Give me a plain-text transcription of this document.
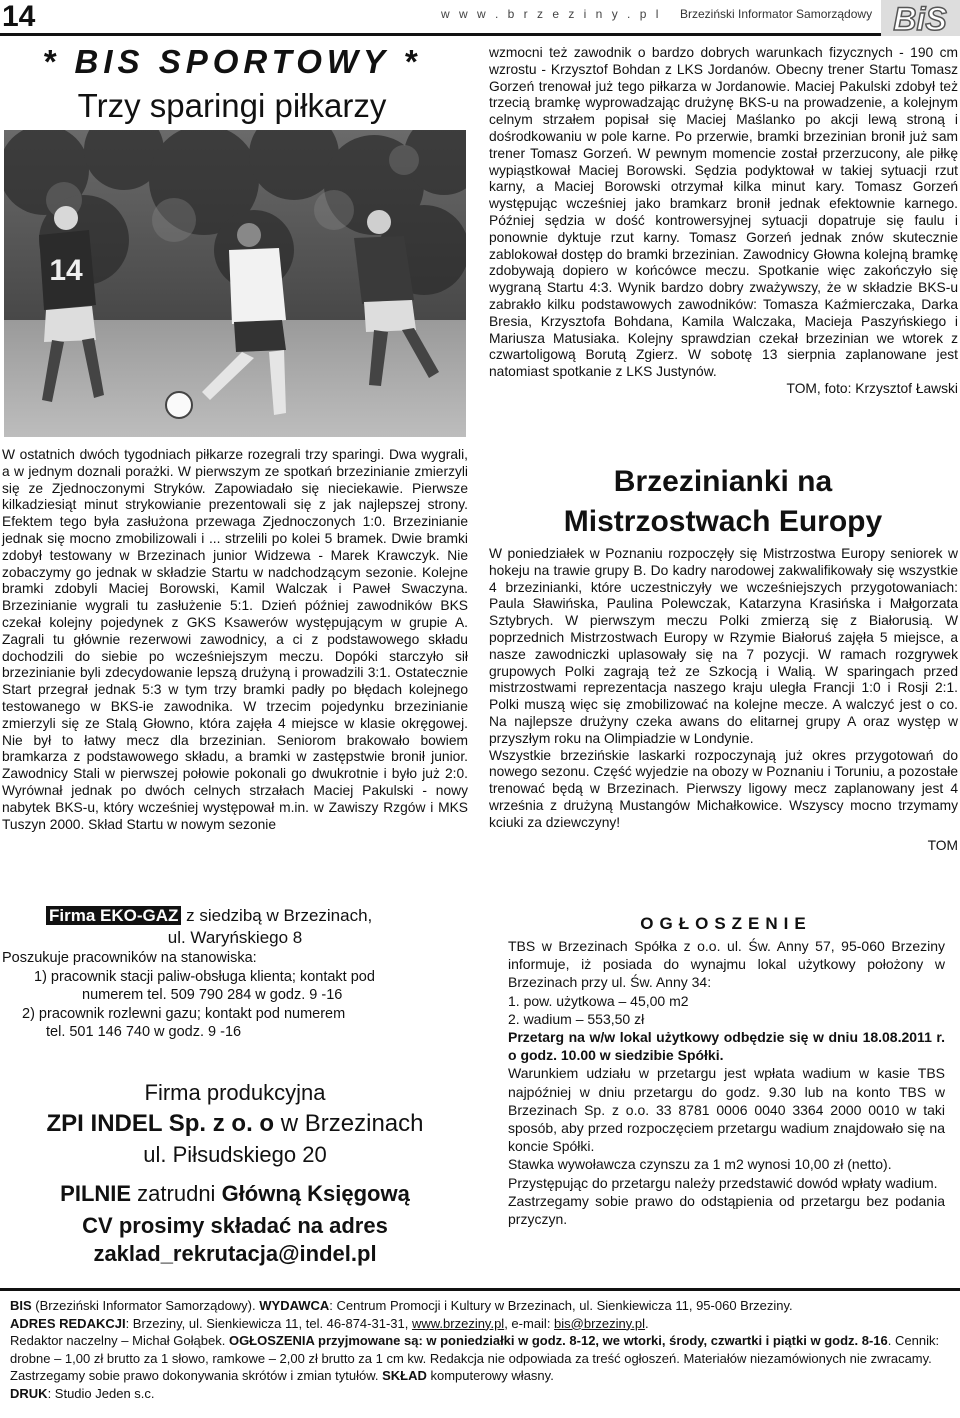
14	w w w . b r z e z i n y . p l Brzeziński Informator Samorządowy BiS
* BIS SPORTOWY *
Trzy sparingi piłkarzy
14
W ostatnich dwóch tygodniach piłkarze rozegrali trzy sparingi. Dwa wygrali, a w jednym doznali porażki. W pierwszym ze spotkań brzezinianie zmierzyli się ze Zjednoczonymi Stryków. Zapowiadało się nieciekawie. Pierwsze kilkadziesiąt minut strykowianie prezentowali się z jak najlepszej strony. Efektem tego była zasłużona przewaga Zjednoczonych 1:0. Brzezinianie jednak się mocno zmobilizowali i ... strzelili po kolei 5 bramek. Dwie bramki zdobył testowany w Brzezinach junior Widzewa - Marek Krawczyk. Nie zobaczymy go jednak w składzie Startu w nadchodzącym sezonie. Kolejne bramki zdobyli Maciej Borowski, Kamil Walczak i Paweł Swaczyna. Brzezinianie wygrali tu zasłużenie 5:1. Dzień później zawodników BKS czekał kolejny pojedynek z GKS Ksawerów występującym w grupie A. Zagrali tu głównie rezerwowi zawodnicy, a ci z podstawowego składu dochodzili do siebie po wcześniejszym meczu. Dopóki starczyło sił brzezinianie byli zdecydowanie lepszą drużyną i prowadzili 3:1. Ostatecznie Start przegrał jednak 5:3 w tym trzy bramki padły po błędach kolejnego testowanego w BKS-ie zawodnika. W trzecim pojedynku brzezinianie zmierzyli się ze Stalą Głowno, która zajęła 4 miejsce w klasie okręgowej. Nie był to łatwy mecz dla brzezinian. Seniorom brakowało bowiem bramkarza z podstawowego składu, a bramki w zastępstwie bronił junior. Zawodnicy Stali w pierwszej połowie pokonali go dwukrotnie i było już 2:0. Wyrównał jednak po dwóch celnych strzałach Maciej Pakulski - nowy nabytek BKS-u, który wcześniej występował m.in. w Zawiszy Rzgów i MKS Tuszyn 2000. Skład Startu w nowym sezonie
wzmocni też zawodnik o bardzo dobrych warunkach fizycznych - 190 cm wzrostu - Krzysztof Bohdan z LKS Jordanów. Obecny trener Startu Tomasz Gorzeń trenował już tego piłkarza w Jordanowie. Maciej Pakulski zdobył też trzecią bramkę wyprowadzając drużynę BKS-u na prowadzenie, a kolejnym celnym strzałem popisał się Maciej Maślanko po akcji lewą stroną i dośrodkowaniu w pole karne. Po przerwie, bramki brzezinian bronił już sam trener Tomasz Gorzeń. W pewnym momencie został przerzucony, ale piłkę wypiąstkował Maciej Borowski. Sędzia podyktował w takiej sytuacji rzut karny, a Maciej Borowski otrzymał kilka minut kary. Tomasz Gorzeń występując wcześniej jako bramkarz bronił jednak efektownie karnego. Później sędzia w dość kontrowersyjnej sytuacji dopatruje się faulu i ponownie dyktuje rzut karny. Tomasz Gorzeń jednak znów skutecznie zablokował dostęp do bramki brzezinian. Zawodnicy Głowna kolejną bramkę zdobywają dopiero w końcówce meczu. Spotkanie więc zakończyło się wygraną Startu 4:3. Wynik bardzo dobry zważywszy, że w składzie BKS-u zabrakło kilku podstawowych zawodników: Tomasza Kaźmierczaka, Darka Bresia, Krzysztofa Bohdana, Kamila Walczaka, Macieja Paszyńskiego i Mariusza Matusiaka. Kolejny sprawdzian czekał brzezinian we wtorek z czwartoligową Borutą Zgierz. W sobotę 13 sierpnia zaplanowane jest natomiast spotkanie z LKS Justynów.
TOM, foto: Krzysztof Ławski
Brzezinianki na
Mistrzostwach Europy
W poniedziałek w Poznaniu rozpoczęły się Mistrzostwa Europy seniorek w hokeju na trawie grupy B. Do kadry narodowej zakwalifikowały się wszystkie 4 brzezinianki, które uczestniczyły we wcześniejszych przygotowaniach: Paula Sławińska, Paulina Polewczak, Katarzyna Krasińska i Małgorzata Sztybrych. W pierwszym meczu Polki zmierzą się z Białorusią. W poprzednich Mistrzostwach Europy w Rzymie Białoruś zajęła 5 miejsce, a nasze zawodniczki uplasowały się na 7 pozycji. W ramach rozgrywek grupowych Polki zagrają też ze Szkocją i Walią. W sparingach przed mistrzostwami reprezentacja naszego kraju uległa Francji 1:0 i Rosji 2:1. Polki muszą więc się zmobilizować na kolejne mecze. A walczyć jest o co. Na najlepsze drużyny czeka awans do elitarnej grupy A oraz występ w przyszłym roku na Olimpiadzie w Londynie.
Wszystkie brzezińskie laskarki rozpoczynają już okres przygotowań do nowego sezonu. Część wyjedzie na obozy w Poznaniu i Toruniu, a pozostałe trenować będą w Brzezinach. Pierwszy ligowy mecz zaplanowany jest 4 września z drużyną Mustangów Michałkowice. Wszyscy mocno trzymamy kciuki za dziewczyny!
TOM
Firma EKO-GAZ z siedzibą w Brzezinach,
ul. Waryńskiego 8
Poszukuje pracowników na stanowiska:
1) pracownik stacji paliw-obsługa klienta; kontakt pod
numerem tel. 509 790 284 w godz. 9 -16
2) pracownik rozlewni gazu; kontakt pod numerem
tel. 501 146 740 w godz. 9 -16
Firma produkcyjna
ZPI INDEL Sp. z o. o w Brzezinach
ul. Piłsudskiego 20
PILNIE zatrudni Główną Księgową
CV prosimy składać na adres
zaklad_rekrutacja@indel.pl
OGŁOSZENIE
TBS w Brzezinach Spółka z o.o. ul. Św. Anny 57, 95-060 Brzeziny informuje, iż posiada do wynajmu lokal użytkowy położony w Brzezinach przy ul. Św. Anny 34:
1. pow. użytkowa – 45,00 m2
2. wadium – 553,50 zł
Przetarg na w/w lokal użytkowy odbędzie się w dniu 18.08.2011 r. o godz. 10.00 w siedzibie Spółki.
Warunkiem udziału w przetargu jest wpłata wadium w kasie TBS najpóźniej w dniu przetargu do godz. 9.30 lub na konto TBS w Brzezinach Sp. z o.o. 33 8781 0006 0040 3364 2000 0010 w taki sposób, aby przed rozpoczęciem przetargu wadium znajdowało się na koncie Spółki.
Stawka wywoławcza czynszu za 1 m2 wynosi 10,00 zł (netto).
Przystępując do przetargu należy przedstawić dowód wpłaty wadium.
Zastrzegamy sobie prawo do odstąpienia od przetargu bez podania przyczyn.
BIS (Brzeziński Informator Samorządowy). WYDAWCA: Centrum Promocji i Kultury w Brzezinach, ul. Sienkiewicza 11, 95-060 Brzeziny.
ADRES REDAKCJI: Brzeziny, ul. Sienkiewicza 11, tel. 46-874-31-31, www.brzeziny.pl, e-mail: bis@brzeziny.pl.
Redaktor naczelny – Michał Gołąbek. OGŁOSZENIA przyjmowane są: w poniedziałki w godz. 8-12, we wtorki, środy, czwartki i piątki w godz. 8-16. Cennik: drobne – 1,00 zł brutto za 1 słowo, ramkowe – 2,00 zł brutto za 1 cm kw. Redakcja nie odpowiada za treść ogłoszeń. Materiałów niezamówionych nie zwracamy. Zastrzegamy sobie prawo dokonywania skrótów i zmian tytułów. SKŁAD komputerowy własny.
DRUK: Studio Jeden s.c.
